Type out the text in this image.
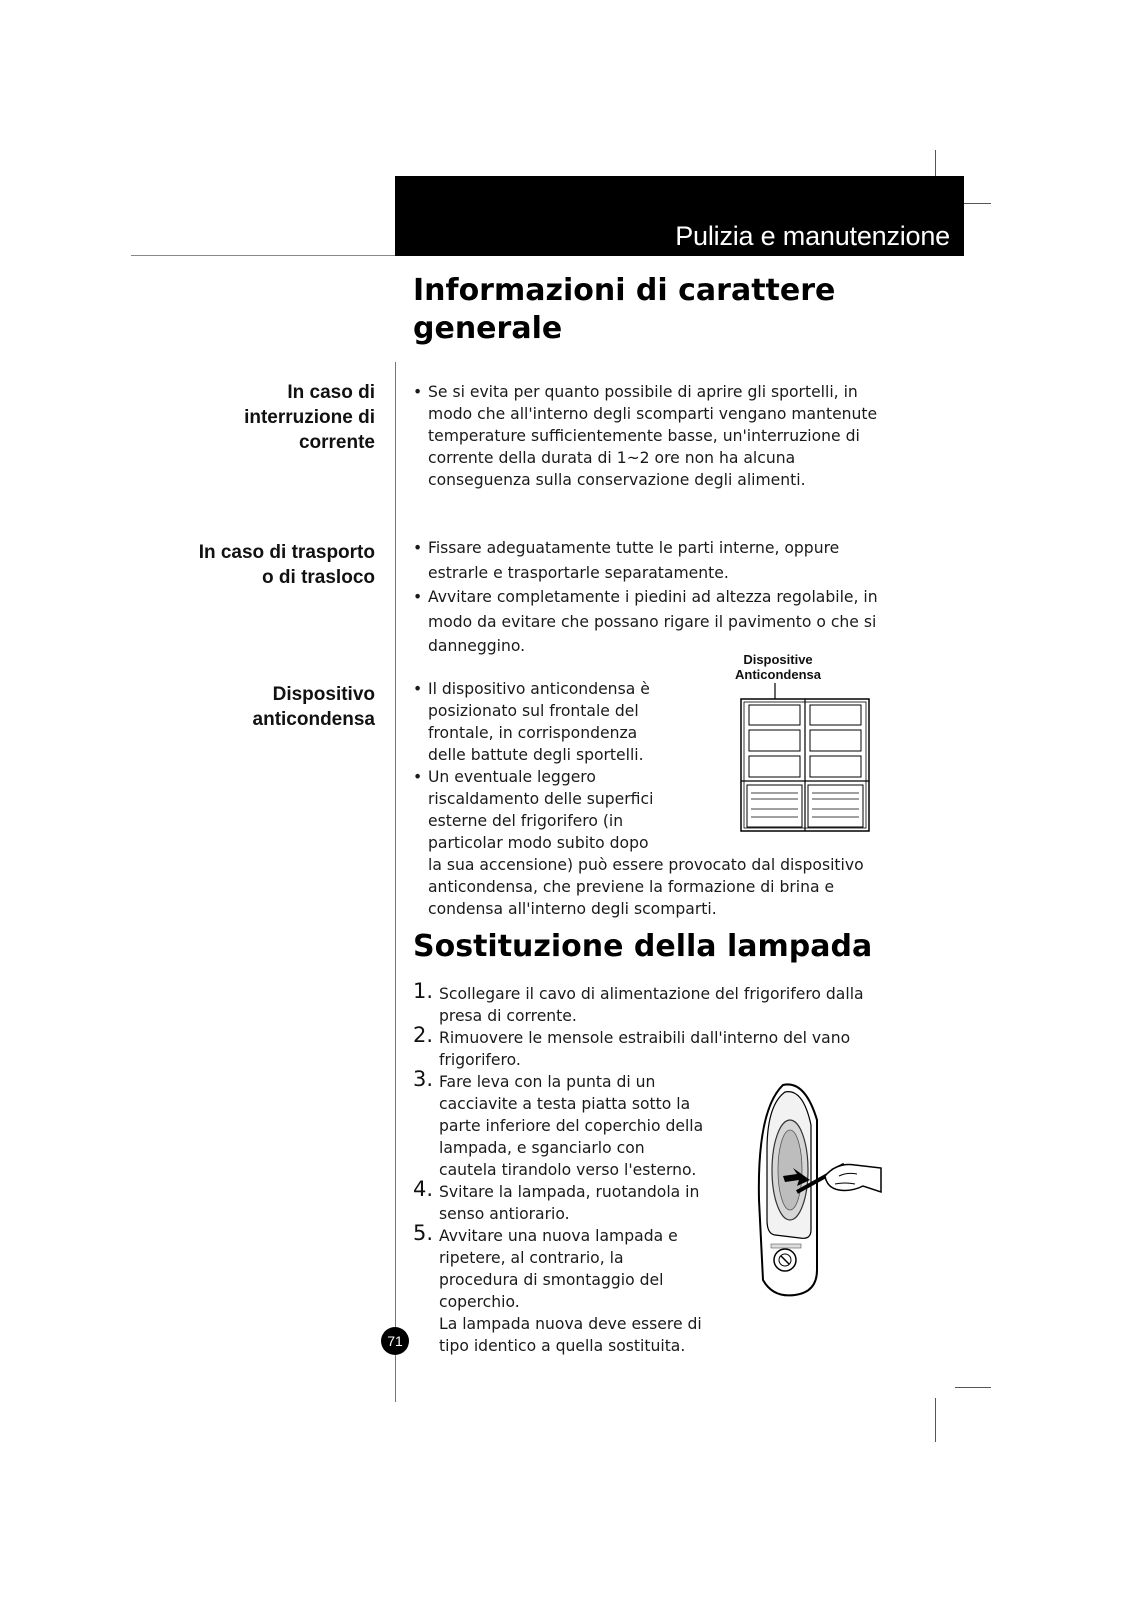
Pulizia e manutenzione
Informazioni di carattere
generale
In caso di
interruzione di
corrente
In caso di trasporto
o di trasloco
Dispositivo
anticondensa
• Se si evita per quanto possibile di aprire gli sportelli, in modo che all'interno degli scomparti vengano mantenute temperature sufficientemente basse, un'interruzione di corrente della durata di 1~2 ore non ha alcuna conseguenza sulla conservazione degli alimenti.
• Fissare adeguatamente tutte le parti interne, oppure estrarle e trasportarle separatamente.
• Avvitare completamente i piedini ad altezza regolabile, in modo da evitare che possano rigare il pavimento o che si danneggino.
• Il dispositivo anticondensa è posizionato sul frontale del frontale, in corrispondenza delle battute degli sportelli.
• Un eventuale leggero riscaldamento delle superfici esterne del frigorifero (in particolar modo subito dopo
la sua accensione) può essere provocato dal dispositivo anticondensa, che previene la formazione di brina e condensa all'interno degli scomparti.
Dispositive
Anticondensa
Sostituzione della lampada
1. Scollegare il cavo di alimentazione del frigorifero dalla presa di corrente.
2. Rimuovere le mensole estraibili dall'interno del vano frigorifero.
3. Fare leva con la punta di un cacciavite a testa piatta sotto la parte inferiore del coperchio della lampada, e sganciarlo con cautela tirandolo verso l'esterno.
4. Svitare la lampada, ruotandola in senso antiorario.
5. Avvitare una nuova lampada e ripetere, al contrario, la procedura di smontaggio del coperchio.
La lampada nuova deve essere di tipo identico a quella sostituita.
71
